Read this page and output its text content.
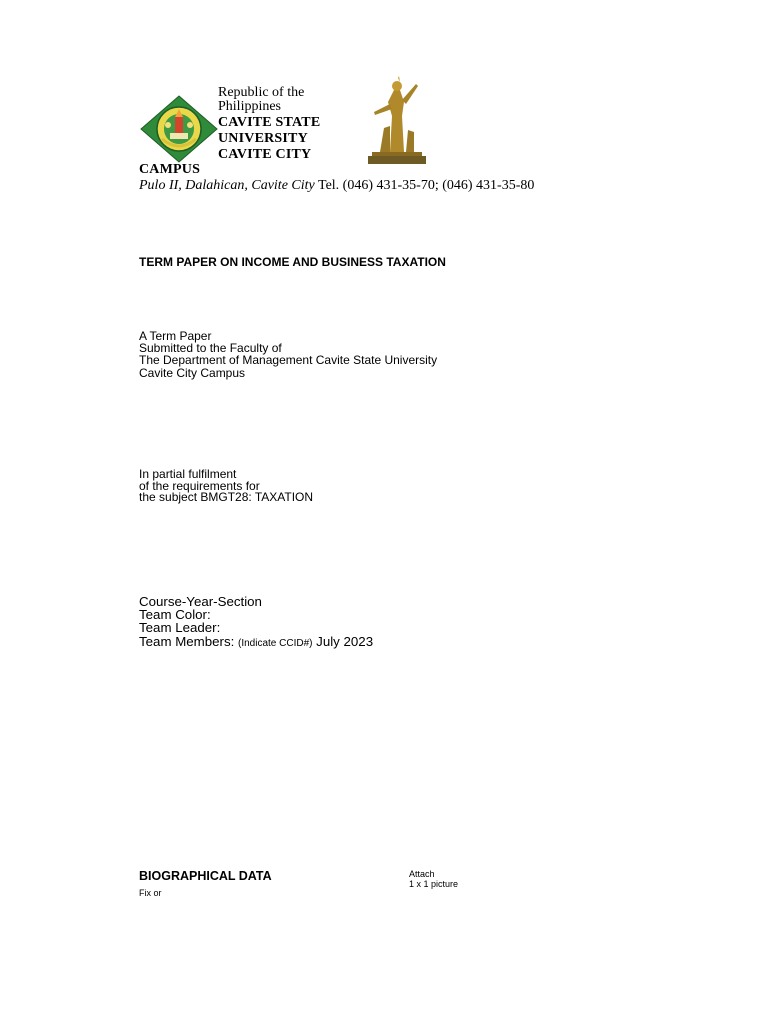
Republic of the
Philippines
CAVITE STATE
UNIVERSITY
CAVITE CITY
CAMPUS
Pulo II, Dalahican, Cavite City Tel. (046) 431-35-70; (046) 431-35-80
TERM PAPER ON INCOME AND BUSINESS TAXATION
A Term Paper
Submitted to the Faculty of
The Department of Management Cavite State University
Cavite City Campus
In partial fulfilment
of the requirements for
the subject BMGT28: TAXATION
Course-Year-Section
Team Color:
Team Leader:
Team Members: (Indicate CCID#) July 2023
BIOGRAPHICAL DATA
Fix or
Attach
1 x 1 picture
